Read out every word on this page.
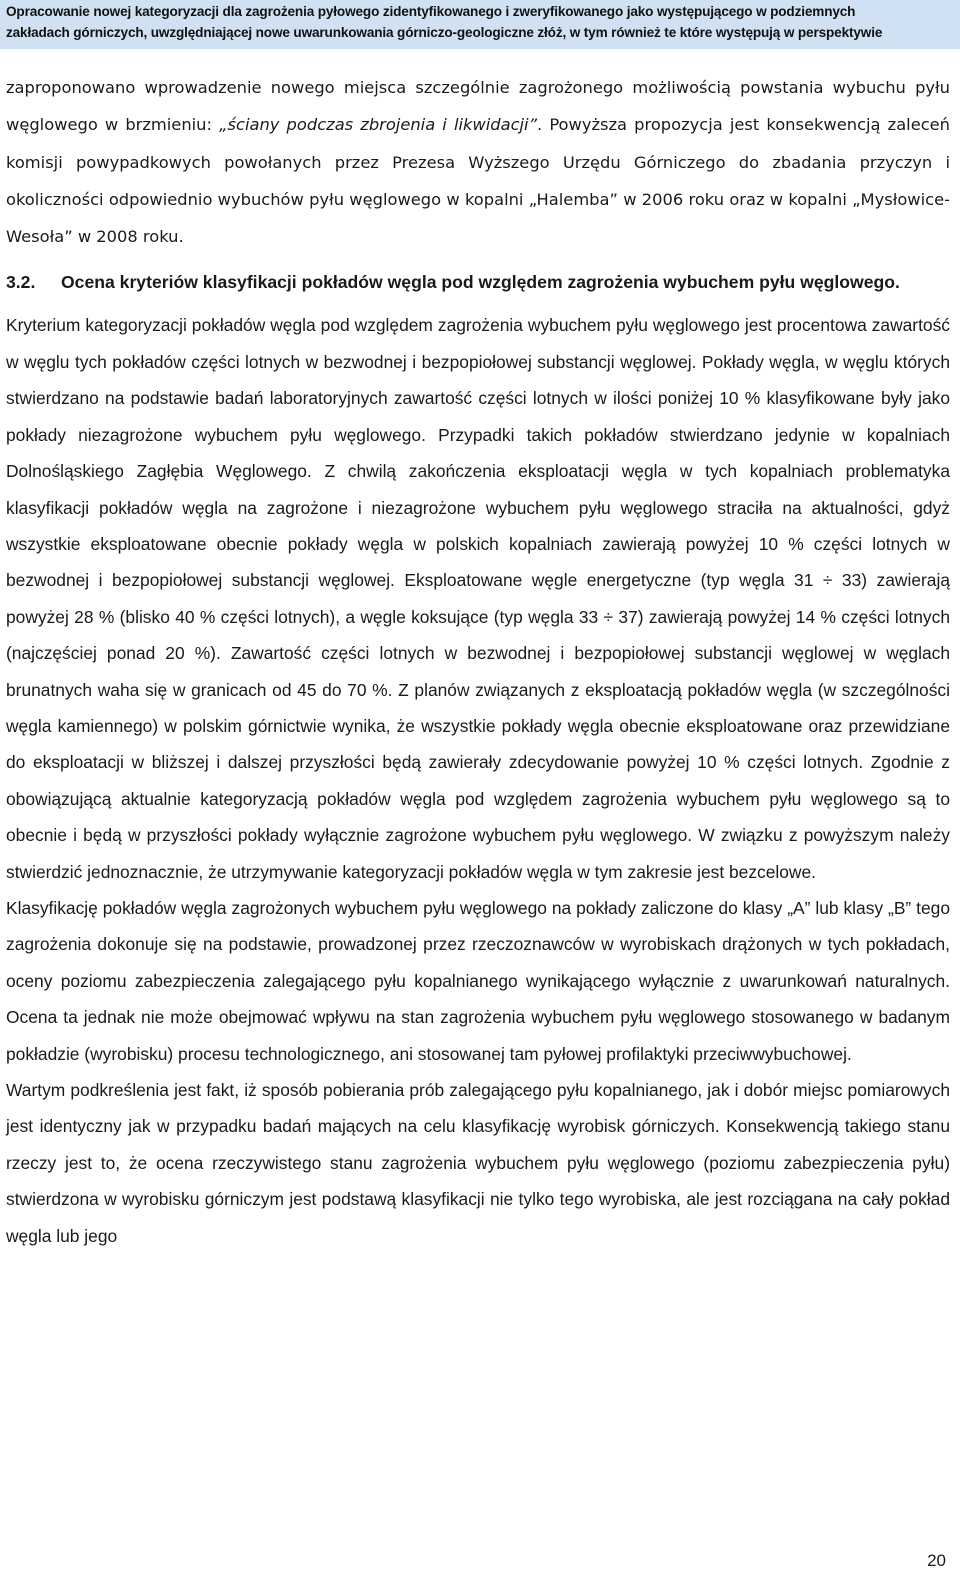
Opracowanie nowej kategoryzacji dla zagrożenia pyłowego zidentyfikowanego i zweryfikowanego jako występującego w podziemnych
zakładach górniczych, uwzględniającej nowe uwarunkowania górniczo-geologiczne złóż, w tym również te które występują w perspektywie

zaproponowano wprowadzenie nowego miejsca szczególnie zagrożonego możliwością powstania wybuchu pyłu węglowego w brzmieniu: „ściany podczas zbrojenia i likwidacji”. Powyższa propozycja jest konsekwencją zaleceń komisji powypadkowych powołanych przez Prezesa Wyższego Urzędu Górniczego do zbadania przyczyn i okoliczności odpowiednio wybuchów pyłu węglowego w kopalni „Halemba” w 2006 roku oraz w kopalni „Mysłowice-Wesoła” w 2008 roku.

3.2.	Ocena kryteriów klasyfikacji pokładów węgla pod względem zagrożenia wybuchem pyłu węglowego.

Kryterium kategoryzacji pokładów węgla pod względem zagrożenia wybuchem pyłu węglowego jest procentowa zawartość w węglu tych pokładów części lotnych w bezwodnej i bezpopiołowej substancji węglowej. Pokłady węgla, w węglu których stwierdzano na podstawie badań laboratoryjnych zawartość części lotnych w ilości poniżej 10 % klasyfikowane były jako pokłady niezagrożone wybuchem pyłu węglowego. Przypadki takich pokładów stwierdzano jedynie w kopalniach Dolnośląskiego Zagłębia Węglowego. Z chwilą zakończenia eksploatacji węgla w tych kopalniach problematyka klasyfikacji pokładów węgla na zagrożone i niezagrożone wybuchem pyłu węglowego straciła na aktualności, gdyż wszystkie eksploatowane obecnie pokłady węgla w polskich kopalniach zawierają powyżej 10 % części lotnych w bezwodnej i bezpopiołowej substancji węglowej. Eksploatowane węgle energetyczne (typ węgla 31 ÷ 33) zawierają powyżej 28 % (blisko 40 % części lotnych), a węgle koksujące (typ węgla 33 ÷ 37) zawierają powyżej 14 % części lotnych (najczęściej ponad 20 %). Zawartość części lotnych w bezwodnej i bezpopiołowej substancji węglowej w węglach brunatnych waha się w granicach od 45 do 70 %. Z planów związanych z eksploatacją pokładów węgla (w szczególności węgla kamiennego) w polskim górnictwie wynika, że wszystkie pokłady węgla obecnie eksploatowane oraz przewidziane do eksploatacji w bliższej i dalszej przyszłości będą zawierały zdecydowanie powyżej 10 % części lotnych. Zgodnie z obowiązującą aktualnie kategoryzacją pokładów węgla pod względem zagrożenia wybuchem pyłu węglowego są to obecnie i będą w przyszłości pokłady wyłącznie zagrożone wybuchem pyłu węglowego. W związku z powyższym należy stwierdzić jednoznacznie, że utrzymywanie kategoryzacji pokładów węgla w tym zakresie jest bezcelowe.

Klasyfikację pokładów węgla zagrożonych wybuchem pyłu węglowego na pokłady zaliczone do klasy „A” lub klasy „B” tego zagrożenia dokonuje się na podstawie, prowadzonej przez rzeczoznawców w wyrobiskach drążonych w tych pokładach, oceny poziomu zabezpieczenia zalegającego pyłu kopalnianego wynikającego wyłącznie z uwarunkowań naturalnych. Ocena ta jednak nie może obejmować wpływu na stan zagrożenia wybuchem pyłu węglowego stosowanego w badanym pokładzie (wyrobisku) procesu technologicznego, ani stosowanej tam pyłowej profilaktyki przeciwwybuchowej.

Wartym podkreślenia jest fakt, iż sposób pobierania prób zalegającego pyłu kopalnianego, jak i dobór miejsc pomiarowych jest identyczny jak w przypadku badań mających na celu klasyfikację wyrobisk górniczych. Konsekwencją takiego stanu rzeczy jest to, że ocena rzeczywistego stanu zagrożenia wybuchem pyłu węglowego (poziomu zabezpieczenia pyłu) stwierdzona w wyrobisku górniczym jest podstawą klasyfikacji nie tylko tego wyrobiska, ale jest rozciągana na cały pokład węgla lub jego

20
